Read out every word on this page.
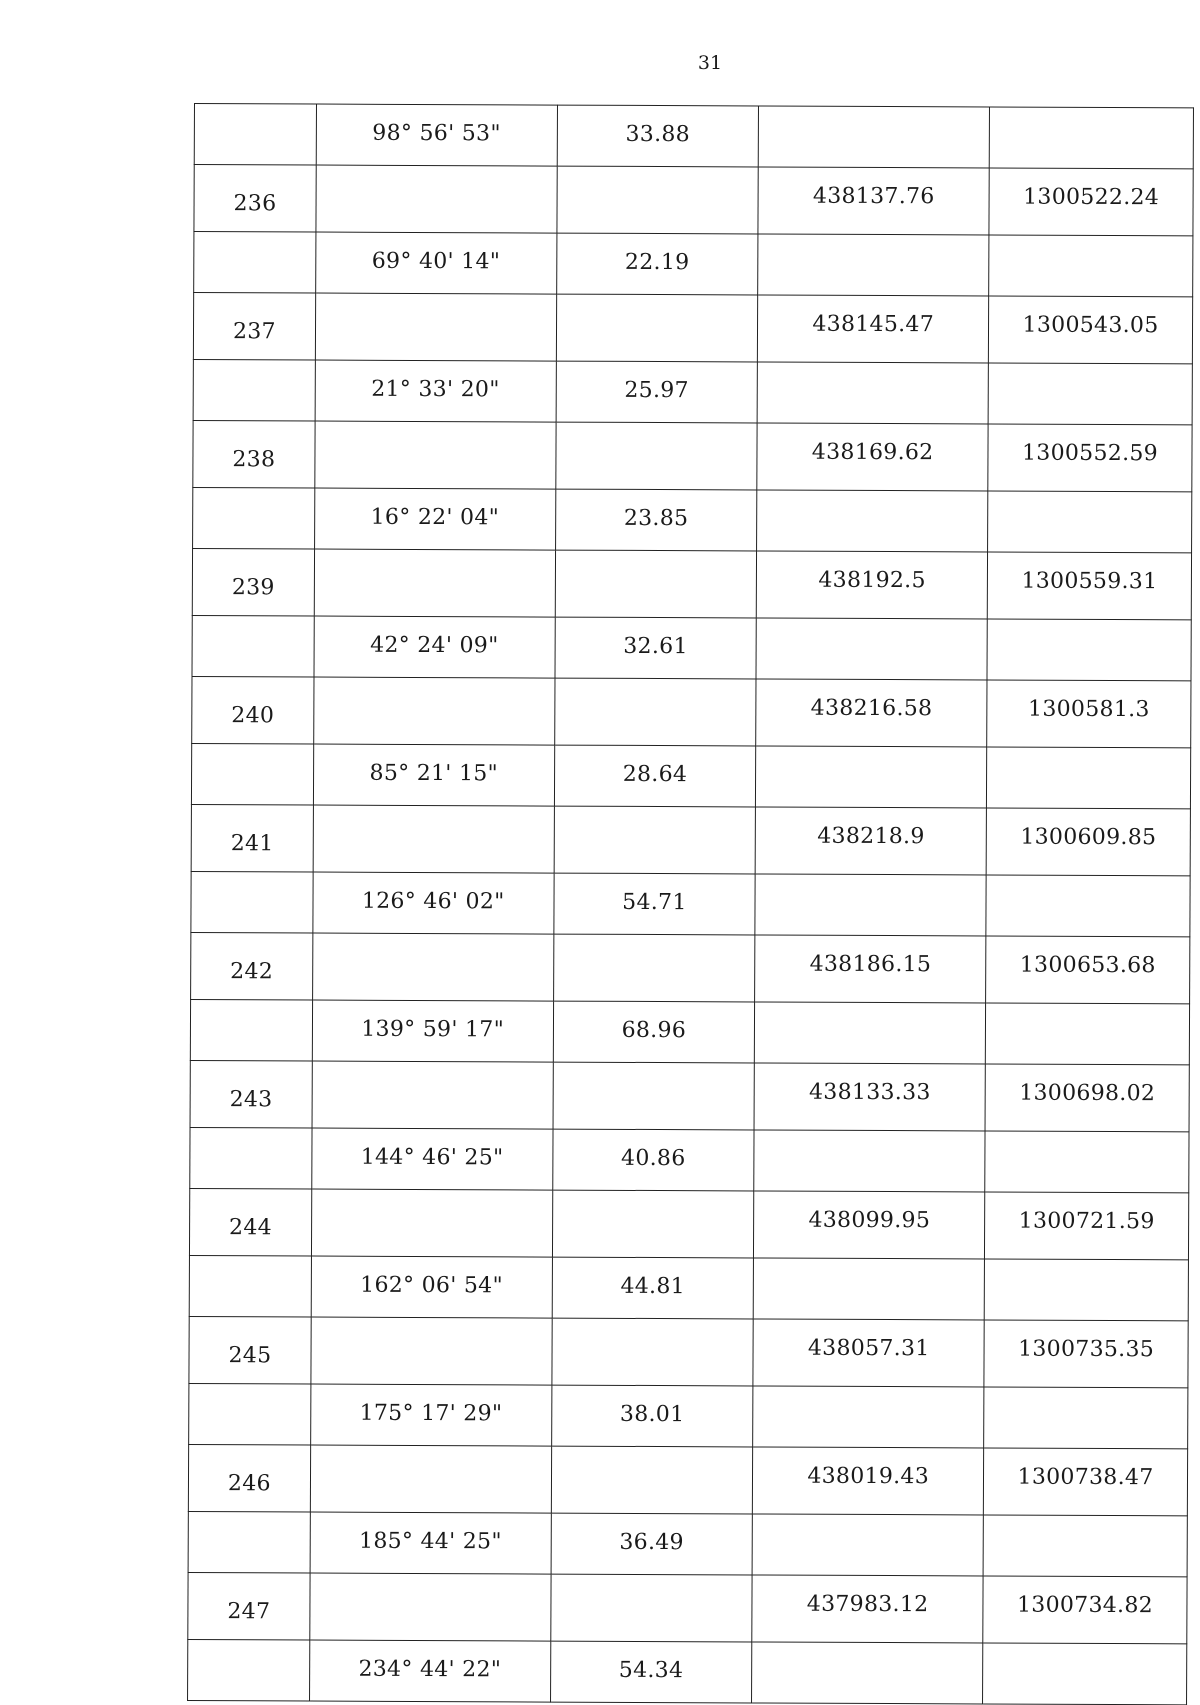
31
	98° 56' 53"	33.88		
236			438137.76	1300522.24
	69° 40' 14"	22.19		
237			438145.47	1300543.05
	21° 33' 20"	25.97		
238			438169.62	1300552.59
	16° 22' 04"	23.85		
239			438192.5	1300559.31
	42° 24' 09"	32.61		
240			438216.58	1300581.3
	85° 21' 15"	28.64		
241			438218.9	1300609.85
	126° 46' 02"	54.71		
242			438186.15	1300653.68
	139° 59' 17"	68.96		
243			438133.33	1300698.02
	144° 46' 25"	40.86		
244			438099.95	1300721.59
	162° 06' 54"	44.81		
245			438057.31	1300735.35
	175° 17' 29"	38.01		
246			438019.43	1300738.47
	185° 44' 25"	36.49		
247			437983.12	1300734.82
	234° 44' 22"	54.34		
